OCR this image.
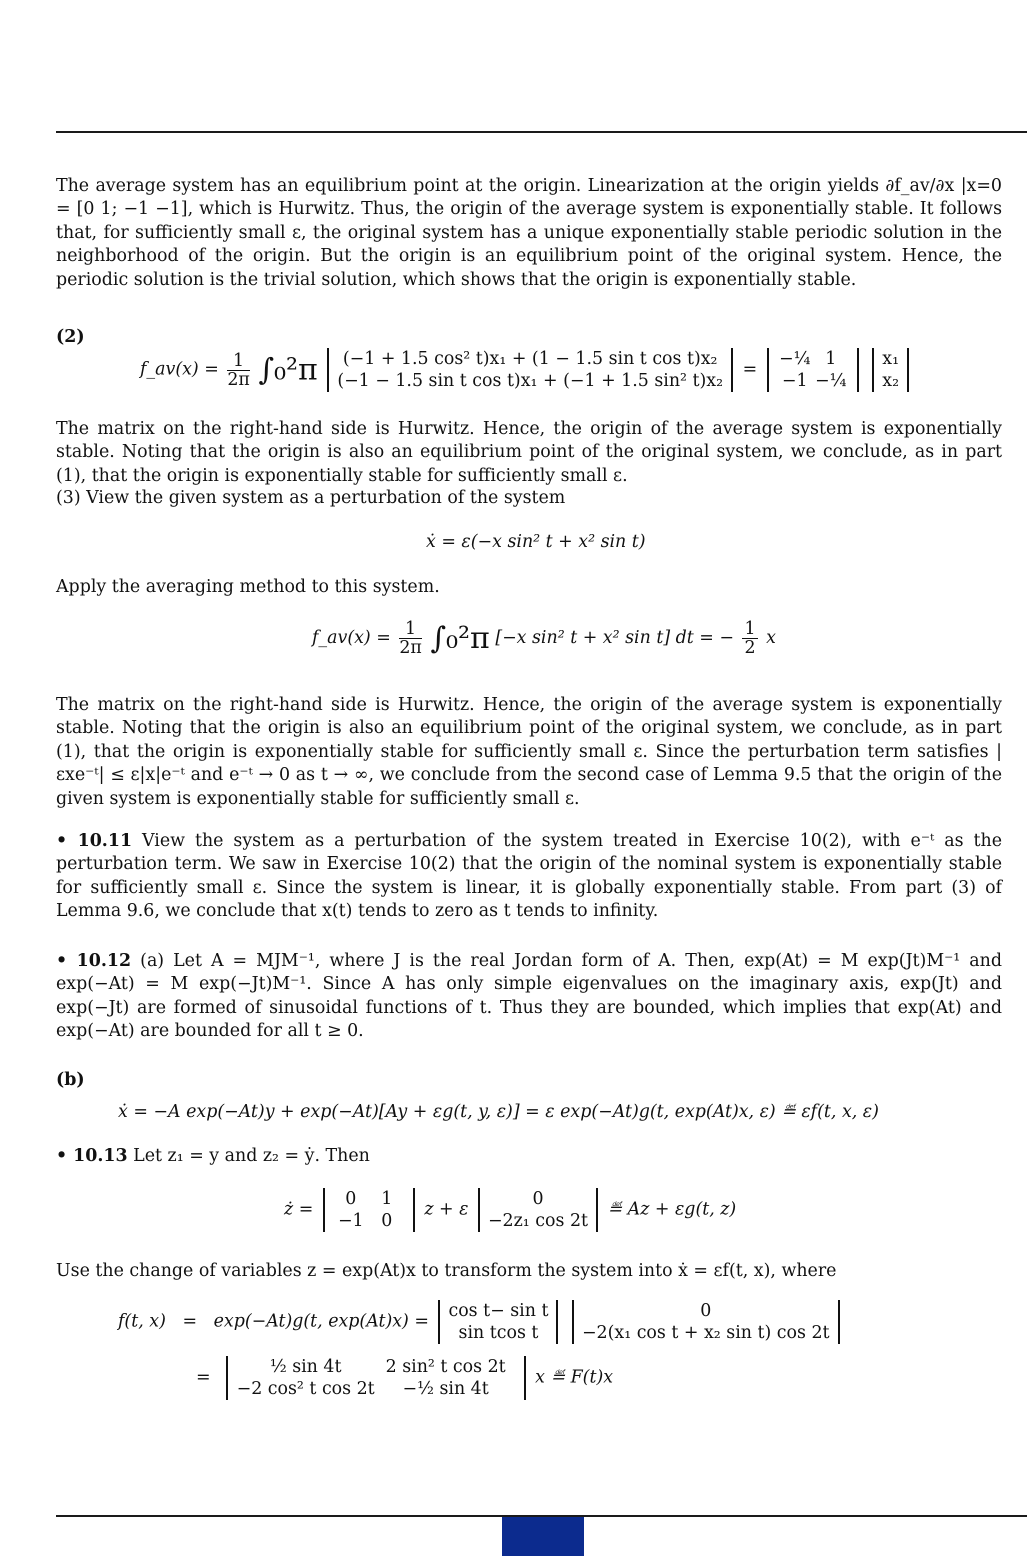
The average system has an equilibrium point at the origin. Linearization at the origin yields ∂f_av/∂x |x=0 = [0 1; −1 −1], which is Hurwitz. Thus, the origin of the average system is exponentially stable. It follows that, for sufficiently small ε, the original system has a unique exponentially stable periodic solution in the neighborhood of the origin. But the origin is an equilibrium point of the original system. Hence, the periodic solution is the trivial solution, which shows that the origin is exponentially stable.

(2)
f_av(x) = $\frac{1}{2\pi} \int_0^2\pi$	(−1 + 1.5 cos² t)x₁ + (1 − 1.5 sin t cos t)x₂
(−1 − 1.5 sin t cos t)x₁ + (−1 + 1.5 sin² t)x₂
=
−¼ 1
−1 −¼

x₁
x₂

The matrix on the right-hand side is Hurwitz. Hence, the origin of the average system is exponentially stable. Noting that the origin is also an equilibrium point of the original system, we conclude, as in part (1), that the origin is exponentially stable for sufficiently small ε.

(3) View the given system as a perturbation of the system

ẋ = ε(−x sin² t + x² sin t)

Apply the averaging method to this system.

f_av(x) = $\frac{1}{2\pi} \int_0^2\pi$ [−x sin² t + x² sin t] dt = − $\frac{1}{2}$ x

The matrix on the right-hand side is Hurwitz. Hence, the origin of the average system is exponentially stable. Noting that the origin is also an equilibrium point of the original system, we conclude, as in part (1), that the origin is exponentially stable for sufficiently small ε. Since the perturbation term satisfies |εxe⁻ᵗ| ≤ ε|x|e⁻ᵗ and e⁻ᵗ → 0 as t → ∞, we conclude from the second case of Lemma 9.5 that the origin of the given system is exponentially stable for sufficiently small ε.

• 10.11 View the system as a perturbation of the system treated in Exercise 10(2), with e⁻ᵗ as the perturbation term. We saw in Exercise 10(2) that the origin of the nominal system is exponentially stable for sufficiently small ε. Since the system is linear, it is globally exponentially stable. From part (3) of Lemma 9.6, we conclude that x(t) tends to zero as t tends to infinity.

• 10.12 (a) Let A = MJM⁻¹, where J is the real Jordan form of A. Then, exp(At) = M exp(Jt)M⁻¹ and exp(−At) = M exp(−Jt)M⁻¹. Since A has only simple eigenvalues on the imaginary axis, exp(Jt) and exp(−Jt) are formed of sinusoidal functions of t. Thus they are bounded, which implies that exp(At) and exp(−At) are bounded for all t ≥ 0.

(b)
ẋ = −A exp(−At)y + exp(−At)[Ay + εg(t, y, ε)] = ε exp(−At)g(t, exp(At)x, ε) ≝ εf(t, x, ε)

• 10.13 Let z₁ = y and z₂ = ẏ. Then

ż =
0 1
−1 0
z + ε
0
−2z₁ cos 2t
≝ Az + εg(t, z)

Use the change of variables z = exp(At)x to transform the system into ẋ = εf(t, x), where

f(t, x) = exp(−At)g(t, exp(At)x) =
cos t− sin t
sin tcos t

0
−2(x₁ cos t + x₂ sin t) cos 2t
=
½ sin 4t	2 sin² t cos 2t
−2 cos² t cos 2t −½ sin 4t
x ≝ F(t)x
